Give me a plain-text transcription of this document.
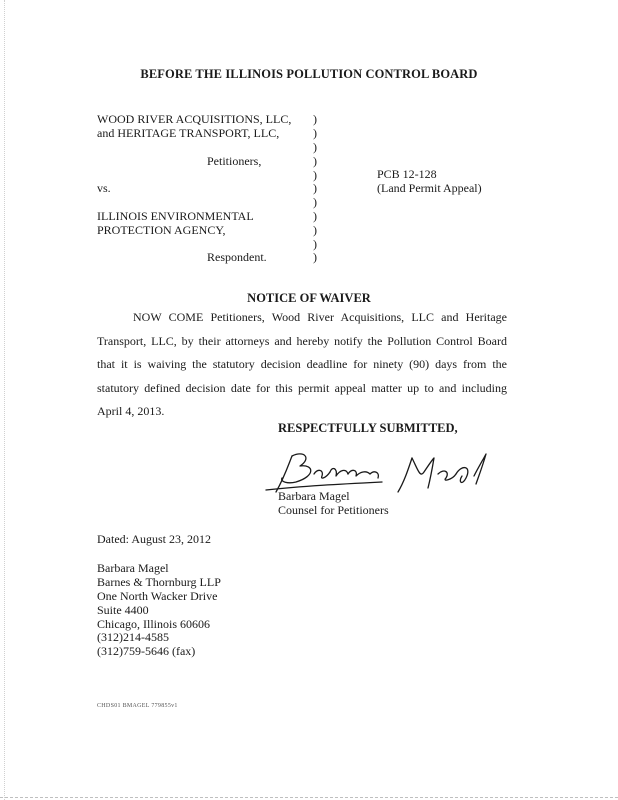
BEFORE THE ILLINOIS POLLUTION CONTROL BOARD
WOOD RIVER ACQUISITIONS, LLC,
and HERITAGE TRANSPORT, LLC,
Petitioners,
vs.
ILLINOIS ENVIRONMENTAL
PROTECTION AGENCY,
Respondent.
)
)
)
)
)
)
)
)
)
)
)
PCB 12-128
(Land Permit Appeal)
NOTICE OF WAIVER
NOW COME Petitioners, Wood River Acquisitions, LLC and Heritage Transport, LLC, by their attorneys and hereby notify the Pollution Control Board that it is waiving the statutory decision deadline for ninety (90) days from the statutory defined decision date for this permit appeal matter up to and including April 4, 2013.
RESPECTFULLY SUBMITTED,
Barbara Magel
Counsel for Petitioners
Dated: August 23, 2012
Barbara Magel
Barnes & Thornburg LLP
One North Wacker Drive
Suite 4400
Chicago, Illinois 60606
(312)214-4585
(312)759-5646 (fax)
CHDS01 BMAGEL 779855v1
